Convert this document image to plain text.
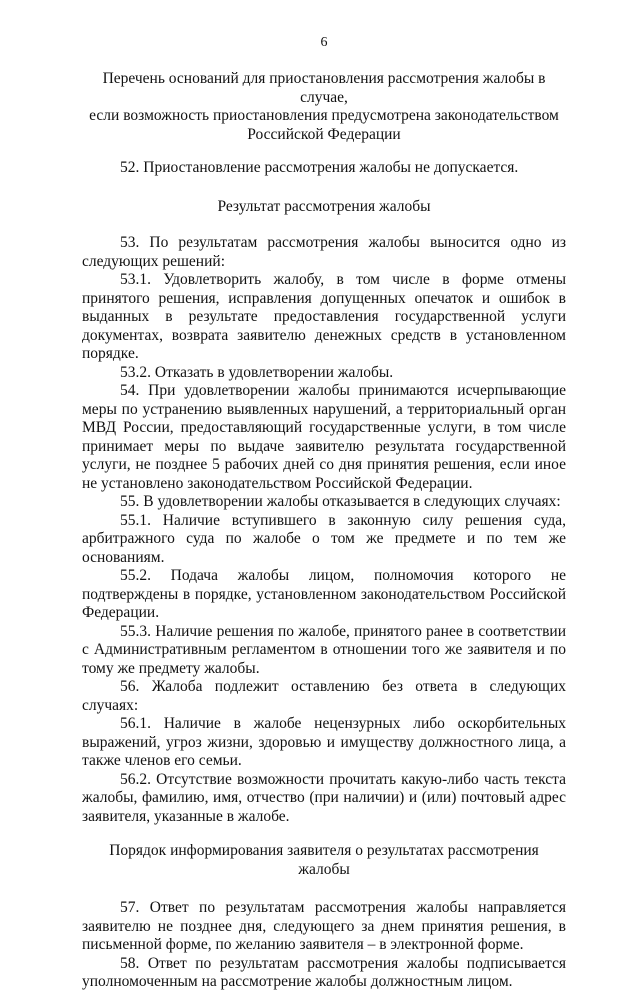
6
Перечень оснований для приостановления рассмотрения жалобы в случае,
если возможность приостановления предусмотрена законодательством
Российской Федерации

52. Приостановление рассмотрения жалобы не допускается.

Результат рассмотрения жалобы

53. По результатам рассмотрения жалобы выносится одно из следующих решений:

53.1. Удовлетворить жалобу, в том числе в форме отмены принятого решения, исправления допущенных опечаток и ошибок в выданных в результате предоставления государственной услуги документах, возврата заявителю денежных средств в установленном порядке.

53.2. Отказать в удовлетворении жалобы.

54. При удовлетворении жалобы принимаются исчерпывающие меры по устранению выявленных нарушений, а территориальный орган МВД России, предоставляющий государственные услуги, в том числе принимает меры по выдаче заявителю результата государственной услуги, не позднее 5 рабочих дней со дня принятия решения, если иное не установлено законодательством Российской Федерации.

55. В удовлетворении жалобы отказывается в следующих случаях:

55.1. Наличие вступившего в законную силу решения суда, арбитражного суда по жалобе о том же предмете и по тем же основаниям.

55.2. Подача жалобы лицом, полномочия которого не подтверждены в порядке, установленном законодательством Российской Федерации.

55.3. Наличие решения по жалобе, принятого ранее в соответствии с Административным регламентом в отношении того же заявителя и по тому же предмету жалобы.

56. Жалоба подлежит оставлению без ответа в следующих случаях:

56.1. Наличие в жалобе нецензурных либо оскорбительных выражений, угроз жизни, здоровью и имуществу должностного лица, а также членов его семьи.

56.2. Отсутствие возможности прочитать какую-либо часть текста жалобы, фамилию, имя, отчество (при наличии) и (или) почтовый адрес заявителя, указанные в жалобе.

Порядок информирования заявителя о результатах рассмотрения жалобы

57. Ответ по результатам рассмотрения жалобы направляется заявителю не позднее дня, следующего за днем принятия решения, в письменной форме, по желанию заявителя – в электронной форме.

58. Ответ по результатам рассмотрения жалобы подписывается уполномоченным на рассмотрение жалобы должностным лицом.
